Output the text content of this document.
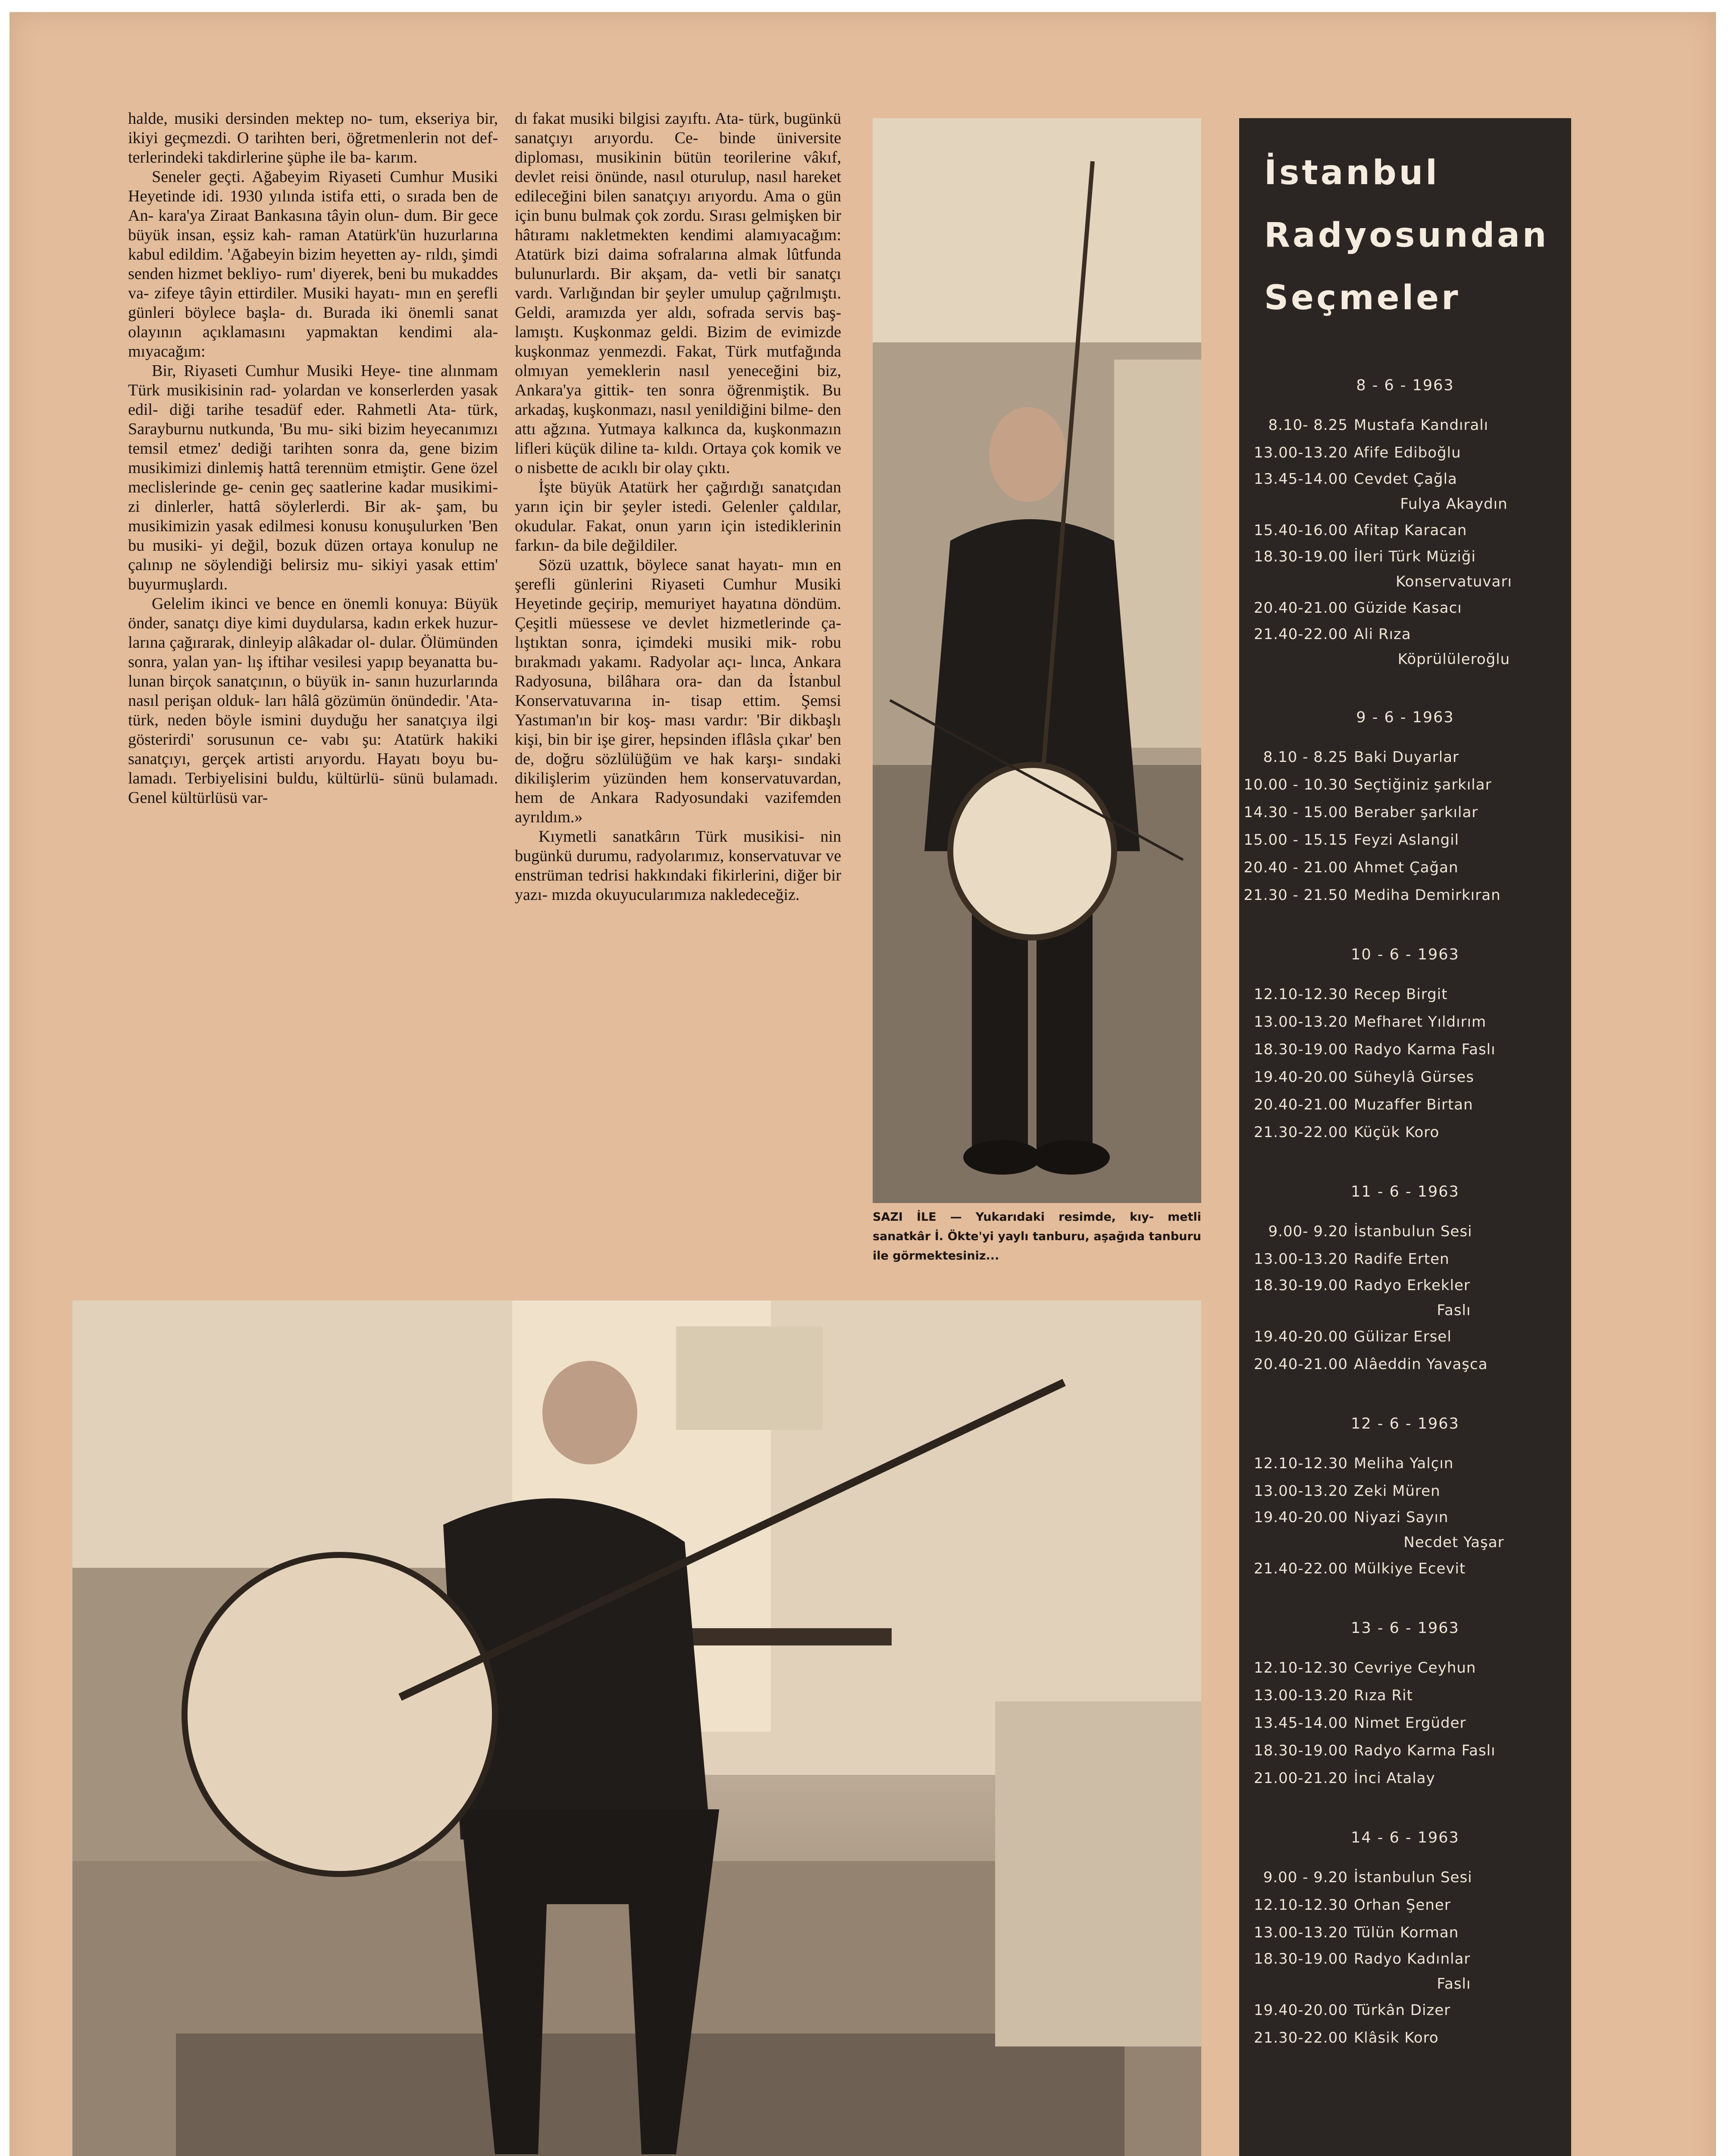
halde, musiki dersinden mektep no- tum, ekseriya bir, ikiyi geçmezdi. O tarihten beri, öğretmenlerin not def- terlerindeki takdirlerine şüphe ile ba- karım.

Seneler geçti. Ağabeyim Riyaseti Cumhur Musiki Heyetinde idi. 1930 yılında istifa etti, o sırada ben de An- kara'ya Ziraat Bankasına tâyin olun- dum. Bir gece büyük insan, eşsiz kah- raman Atatürk'ün huzurlarına kabul edildim. 'Ağabeyin bizim heyetten ay- rıldı, şimdi senden hizmet bekliyo- rum' diyerek, beni bu mukaddes va- zifeye tâyin ettirdiler. Musiki hayatı- mın en şerefli günleri böylece başla- dı. Burada iki önemli sanat olayının açıklamasını yapmaktan kendimi ala- mıyacağım:

Bir, Riyaseti Cumhur Musiki Heye- tine alınmam Türk musikisinin rad- yolardan ve konserlerden yasak edil- diği tarihe tesadüf eder. Rahmetli Ata- türk, Sarayburnu nutkunda, 'Bu mu- siki bizim heyecanımızı temsil etmez' dediği tarihten sonra da, gene bizim musikimizi dinlemiş hattâ terennüm etmiştir. Gene özel meclislerinde ge- cenin geç saatlerine kadar musikimi- zi dinlerler, hattâ söylerlerdi. Bir ak- şam, bu musikimizin yasak edilmesi konusu konuşulurken 'Ben bu musiki- yi değil, bozuk düzen ortaya konulup ne çalınıp ne söylendiği belirsiz mu- sikiyi yasak ettim' buyurmuşlardı.

Gelelim ikinci ve bence en önemli konuya: Büyük önder, sanatçı diye kimi duydularsa, kadın erkek huzur- larına çağırarak, dinleyip alâkadar ol- dular. Ölümünden sonra, yalan yan- lış iftihar vesilesi yapıp beyanatta bu- lunan birçok sanatçının, o büyük in- sanın huzurlarında nasıl perişan olduk- ları hâlâ gözümün önündedir. 'Ata- türk, neden böyle ismini duyduğu her sanatçıya ilgi gösterirdi' sorusunun ce- vabı şu: Atatürk hakiki sanatçıyı, gerçek artisti arıyordu. Hayatı boyu bu- lamadı. Terbiyelisini buldu, kültürlü- sünü bulamadı. Genel kültürlüsü var-

dı fakat musiki bilgisi zayıftı. Ata- türk, bugünkü sanatçıyı arıyordu. Ce- binde üniversite diploması, musikinin bütün teorilerine vâkıf, devlet reisi önünde, nasıl oturulup, nasıl hareket edileceğini bilen sanatçıyı arıyordu. Ama o gün için bunu bulmak çok zordu. Sırası gelmişken bir hâtıramı nakletmekten kendimi alamıyacağım: Atatürk bizi daima sofralarına almak lûtfunda bulunurlardı. Bir akşam, da- vetli bir sanatçı vardı. Varlığından bir şeyler umulup çağrılmıştı. Geldi, aramızda yer aldı, sofrada servis baş- lamıştı. Kuşkonmaz geldi. Bizim de evimizde kuşkonmaz yenmezdi. Fakat, Türk mutfağında olmıyan yemeklerin nasıl yeneceğini biz, Ankara'ya gittik- ten sonra öğrenmiştik. Bu arkadaş, kuşkonmazı, nasıl yenildiğini bilme- den attı ağzına. Yutmaya kalkınca da, kuşkonmazın lifleri küçük diline ta- kıldı. Ortaya çok komik ve o nisbette de acıklı bir olay çıktı.

İşte büyük Atatürk her çağırdığı sanatçıdan yarın için bir şeyler istedi. Gelenler çaldılar, okudular. Fakat, onun yarın için istediklerinin farkın- da bile değildiler.

Sözü uzattık, böylece sanat hayatı- mın en şerefli günlerini Riyaseti Cumhur Musiki Heyetinde geçirip, memuriyet hayatına döndüm. Çeşitli müessese ve devlet hizmetlerinde ça- lıştıktan sonra, içimdeki musiki mik- robu bırakmadı yakamı. Radyolar açı- lınca, Ankara Radyosuna, bilâhara ora- dan da İstanbul Konservatuvarına in- tisap ettim. Şemsi Yastıman'ın bir koş- ması vardır: 'Bir dikbaşlı kişi, bin bir işe girer, hepsinden iflâsla çıkar' ben de, doğru sözlülüğüm ve hak karşı- sındaki dikilişlerim yüzünden hem konservatuvardan, hem de Ankara Radyosundaki vazifemden ayrıldım.»

Kıymetli sanatkârın Türk musikisi- nin bugünkü durumu, radyolarımız, konservatuvar ve enstrüman tedrisi hakkındaki fikirlerini, diğer bir yazı- mızda okuyucularımıza nakledeceğiz.

SAZI İLE — Yukarıdaki resimde, kıy- metli sanatkâr İ. Ökte'yi yaylı tanburu, aşağıda tanburu ile görmektesiniz...
İstanbul
Radyosundan
Seçmeler
8 - 6 - 1963
8.10- 8.25 Mustafa Kandıralı
13.00-13.20 Afife Ediboğlu
13.45-14.00 Cevdet Çağla
Fulya Akaydın
15.40-16.00 Afitap Karacan
18.30-19.00 İleri Türk Müziği
Konservatuvarı
20.40-21.00 Güzide Kasacı
21.40-22.00 Ali Rıza
Köprülüleroğlu
9 - 6 - 1963
8.10 - 8.25 Baki Duyarlar
10.00 - 10.30 Seçtiğiniz şarkılar
14.30 - 15.00 Beraber şarkılar
15.00 - 15.15 Feyzi Aslangil
20.40 - 21.00 Ahmet Çağan
21.30 - 21.50 Mediha Demirkıran
10 - 6 - 1963
12.10-12.30 Recep Birgit
13.00-13.20 Mefharet Yıldırım
18.30-19.00 Radyo Karma Faslı
19.40-20.00 Süheylâ Gürses
20.40-21.00 Muzaffer Birtan
21.30-22.00 Küçük Koro
11 - 6 - 1963
9.00- 9.20 İstanbulun Sesi
13.00-13.20 Radife Erten
18.30-19.00 Radyo Erkekler
Faslı
19.40-20.00 Gülizar Ersel
20.40-21.00 Alâeddin Yavaşca
12 - 6 - 1963
12.10-12.30 Meliha Yalçın
13.00-13.20 Zeki Müren
19.40-20.00 Niyazi Sayın
Necdet Yaşar
21.40-22.00 Mülkiye Ecevit
13 - 6 - 1963
12.10-12.30 Cevriye Ceyhun
13.00-13.20 Rıza Rit
13.45-14.00 Nimet Ergüder
18.30-19.00 Radyo Karma Faslı
21.00-21.20 İnci Atalay
14 - 6 - 1963
9.00 - 9.20 İstanbulun Sesi
12.10-12.30 Orhan Şener
13.00-13.20 Tülün Korman
18.30-19.00 Radyo Kadınlar
Faslı
19.40-20.00 Türkân Dizer
21.30-22.00 Klâsik Koro
